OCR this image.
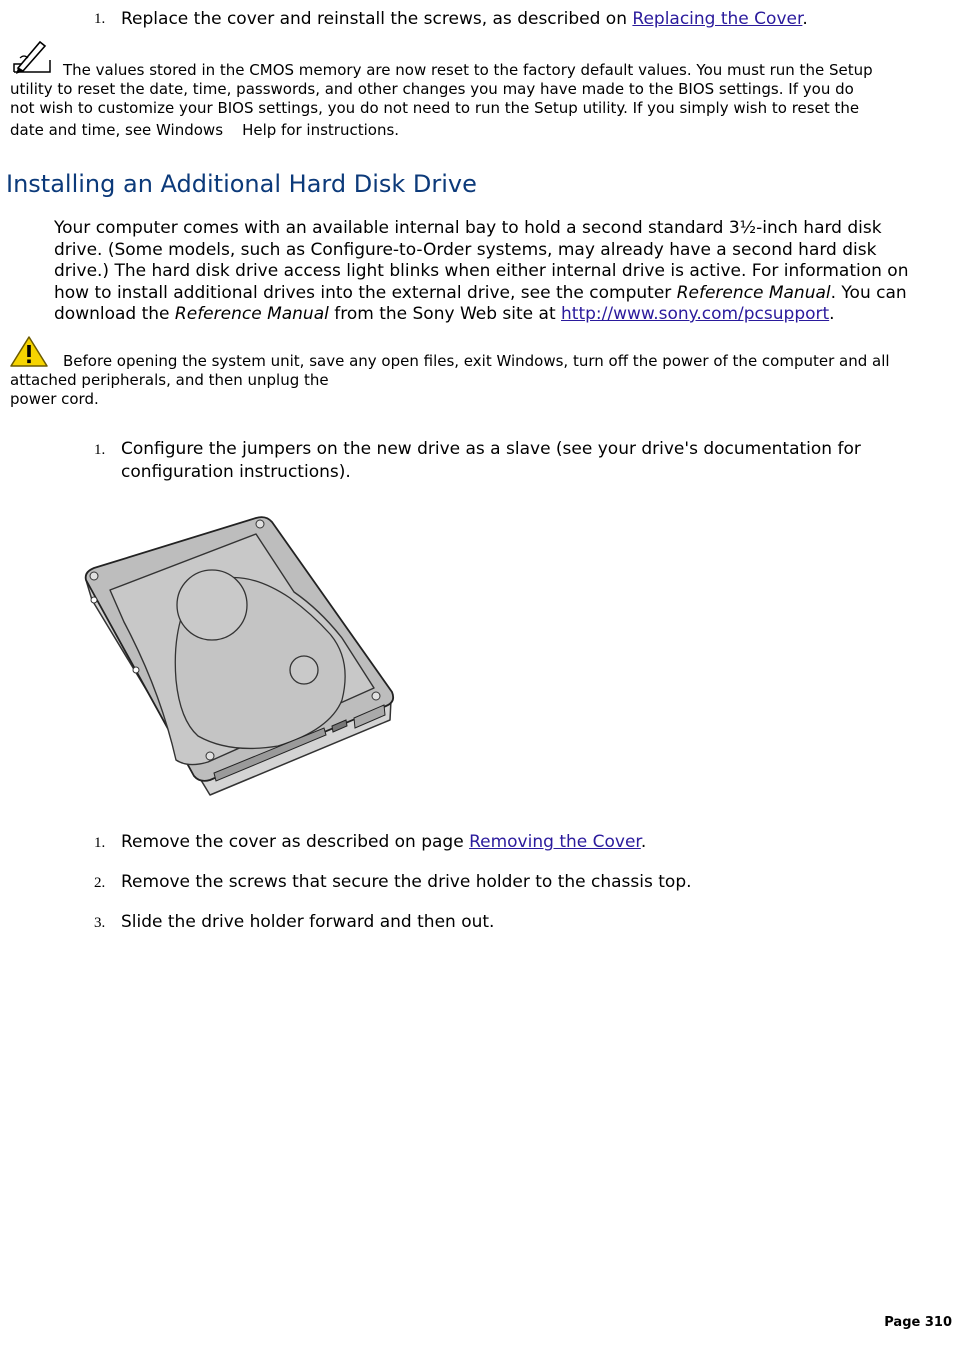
1. Replace the cover and reinstall the screws, as described on Replacing the Cover.
The values stored in the CMOS memory are now reset to the factory default values. You must run the Setup
utility to reset the date, time, passwords, and other changes you may have made to the BIOS settings. If you do
not wish to customize your BIOS settings, you do not need to run the Setup utility. If you simply wish to reset the
date and time, see Windows    Help for instructions.
Installing an Additional Hard Disk Drive
Your computer comes with an available internal bay to hold a second standard 3½-inch hard disk
drive. (Some models, such as Configure-to-Order systems, may already have a second hard disk
drive.) The hard disk drive access light blinks when either internal drive is active. For information on
how to install additional drives into the external drive, see the computer Reference Manual. You can
download the Reference Manual from the Sony Web site at http://www.sony.com/pcsupport.
Before opening the system unit, save any open files, exit Windows, turn off the power of the computer and all
attached peripherals, and then unplug the
power cord.
1. Configure the jumpers on the new drive as a slave (see your drive's documentation for
configuration instructions).
1. Remove the cover as described on page Removing the Cover.
2. Remove the screws that secure the drive holder to the chassis top.
3. Slide the drive holder forward and then out.
Page 310
